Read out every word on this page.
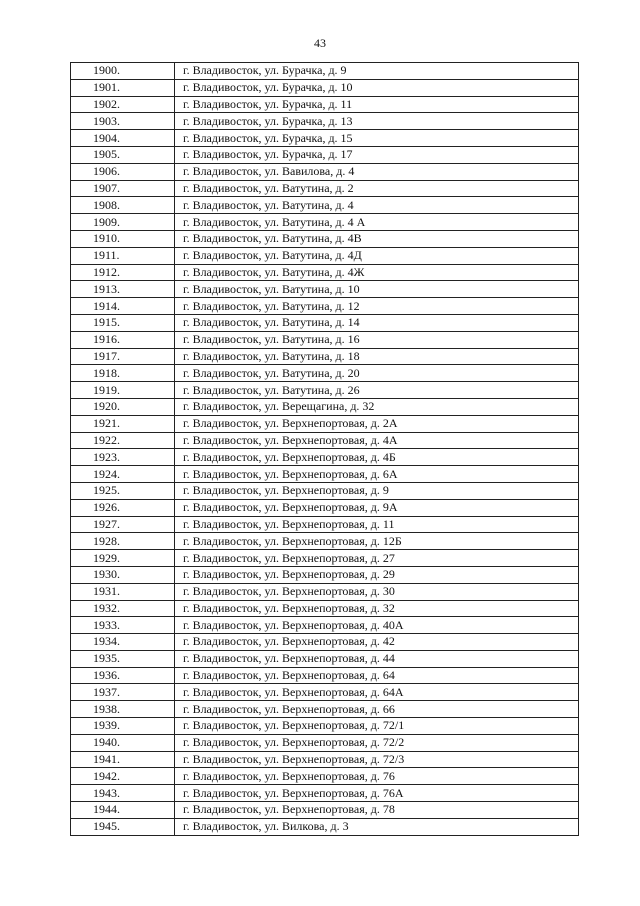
43
1900.	г. Владивосток, ул. Бурачка, д. 9
1901.	г. Владивосток, ул. Бурачка, д. 10
1902.	г. Владивосток, ул. Бурачка, д. 11
1903.	г. Владивосток, ул. Бурачка, д. 13
1904.	г. Владивосток, ул. Бурачка, д. 15
1905.	г. Владивосток, ул. Бурачка, д. 17
1906.	г. Владивосток, ул. Вавилова, д. 4
1907.	г. Владивосток, ул. Ватутина, д. 2
1908.	г. Владивосток, ул. Ватутина, д. 4
1909.	г. Владивосток, ул. Ватутина, д. 4 А
1910.	г. Владивосток, ул. Ватутина, д. 4В
1911.	г. Владивосток, ул. Ватутина, д. 4Д
1912.	г. Владивосток, ул. Ватутина, д. 4Ж
1913.	г. Владивосток, ул. Ватутина, д. 10
1914.	г. Владивосток, ул. Ватутина, д. 12
1915.	г. Владивосток, ул. Ватутина, д. 14
1916.	г. Владивосток, ул. Ватутина, д. 16
1917.	г. Владивосток, ул. Ватутина, д. 18
1918.	г. Владивосток, ул. Ватутина, д. 20
1919.	г. Владивосток, ул. Ватутина, д. 26
1920.	г. Владивосток, ул. Верещагина, д. 32
1921.	г. Владивосток, ул. Верхнепортовая, д. 2А
1922.	г. Владивосток, ул. Верхнепортовая, д. 4А
1923.	г. Владивосток, ул. Верхнепортовая, д. 4Б
1924.	г. Владивосток, ул. Верхнепортовая, д. 6А
1925.	г. Владивосток, ул. Верхнепортовая, д. 9
1926.	г. Владивосток, ул. Верхнепортовая, д. 9А
1927.	г. Владивосток, ул. Верхнепортовая, д. 11
1928.	г. Владивосток, ул. Верхнепортовая, д. 12Б
1929.	г. Владивосток, ул. Верхнепортовая, д. 27
1930.	г. Владивосток, ул. Верхнепортовая, д. 29
1931.	г. Владивосток, ул. Верхнепортовая, д. 30
1932.	г. Владивосток, ул. Верхнепортовая, д. 32
1933.	г. Владивосток, ул. Верхнепортовая, д. 40А
1934.	г. Владивосток, ул. Верхнепортовая, д. 42
1935.	г. Владивосток, ул. Верхнепортовая, д. 44
1936.	г. Владивосток, ул. Верхнепортовая, д. 64
1937.	г. Владивосток, ул. Верхнепортовая, д. 64А
1938.	г. Владивосток, ул. Верхнепортовая, д. 66
1939.	г. Владивосток, ул. Верхнепортовая, д. 72/1
1940.	г. Владивосток, ул. Верхнепортовая, д. 72/2
1941.	г. Владивосток, ул. Верхнепортовая, д. 72/3
1942.	г. Владивосток, ул. Верхнепортовая, д. 76
1943.	г. Владивосток, ул. Верхнепортовая, д. 76А
1944.	г. Владивосток, ул. Верхнепортовая, д. 78
1945.	г. Владивосток, ул. Вилкова, д. 3
